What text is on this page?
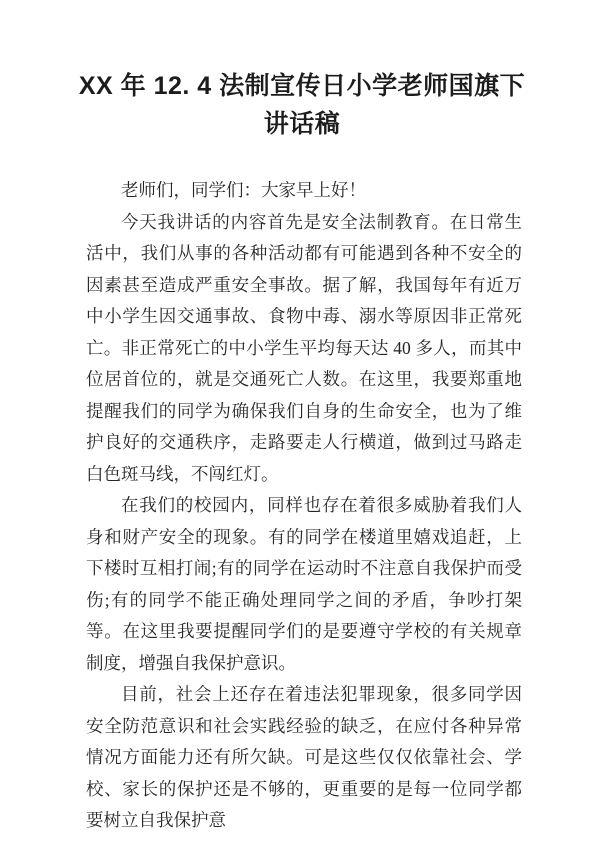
XX 年 12. 4 法制宣传日小学老师国旗下讲话稿

老师们，同学们：大家早上好！

今天我讲话的内容首先是安全法制教育。在日常生活中，我们从事的各种活动都有可能遇到各种不安全的因素甚至造成严重安全事故。据了解，我国每年有近万中小学生因交通事故、食物中毒、溺水等原因非正常死亡。非正常死亡的中小学生平均每天达 40 多人，而其中位居首位的，就是交通死亡人数。在这里，我要郑重地提醒我们的同学为确保我们自身的生命安全，也为了维护良好的交通秩序，走路要走人行横道，做到过马路走白色斑马线，不闯红灯。

在我们的校园内，同样也存在着很多威胁着我们人身和财产安全的现象。有的同学在楼道里嬉戏追赶，上下楼时互相打闹;有的同学在运动时不注意自我保护而受伤;有的同学不能正确处理同学之间的矛盾，争吵打架等。在这里我要提醒同学们的是要遵守学校的有关规章制度，增强自我保护意识。

目前，社会上还存在着违法犯罪现象，很多同学因安全防范意识和社会实践经验的缺乏，在应付各种异常情况方面能力还有所欠缺。可是这些仅仅依靠社会、学校、家长的保护还是不够的，更重要的是每一位同学都要树立自我保护意
